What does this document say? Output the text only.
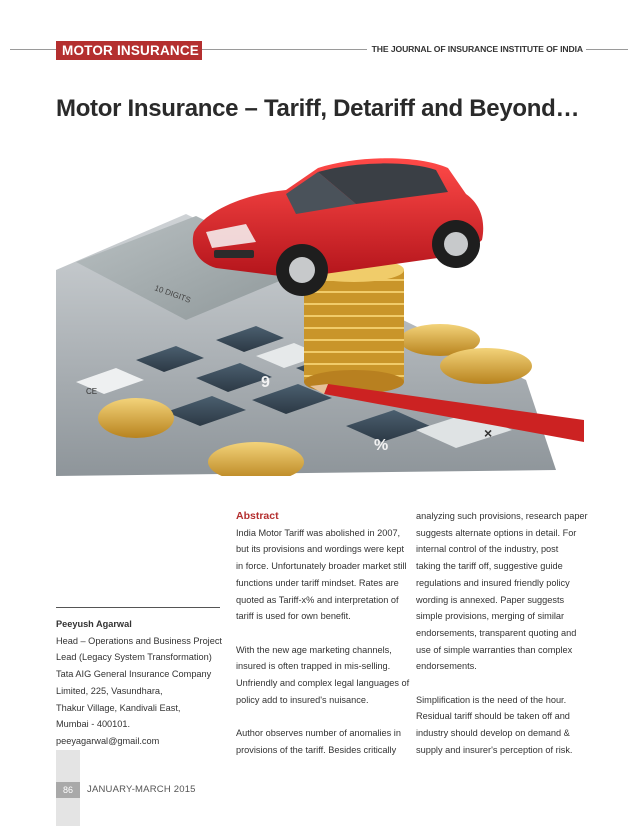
MOTOR INSURANCE	THE JOURNAL OF INSURANCE INSTITUTE OF INDIA
Motor Insurance – Tariff, Detariff and Beyond…
10 DIGITS
9
%
×
CE

Abstract

India Motor Tariff was abolished in 2007,

but its provisions and wordings were kept

in force. Unfortunately broader market still

functions under tariff mindset. Rates are

quoted as Tariff-x% and interpretation of

tariff is used for own benefit.

With the new age marketing channels,

insured is often trapped in mis-selling.

Unfriendly and complex legal languages of

policy add to insured's nuisance.

Author observes number of anomalies in

provisions of the tariff. Besides critically

analyzing such provisions, research paper

suggests alternate options in detail. For

internal control of the industry, post

taking the tariff off, suggestive guide

regulations and insured friendly policy

wording is annexed. Paper suggests

simple provisions, merging of similar

endorsements, transparent quoting and

use of simple warranties than complex

endorsements.

Simplification is the need of the hour.

Residual tariff should be taken off and

industry should develop on demand &

supply and insurer's perception of risk.

Peeyush Agarwal

Head – Operations and Business Project

Lead (Legacy System Transformation)

Tata AIG General Insurance Company

Limited, 225, Vasundhara,

Thakur Village, Kandivali East,

Mumbai - 400101.

peeyagarwal@gmail.com

86	JANUARY-MARCH 2015
